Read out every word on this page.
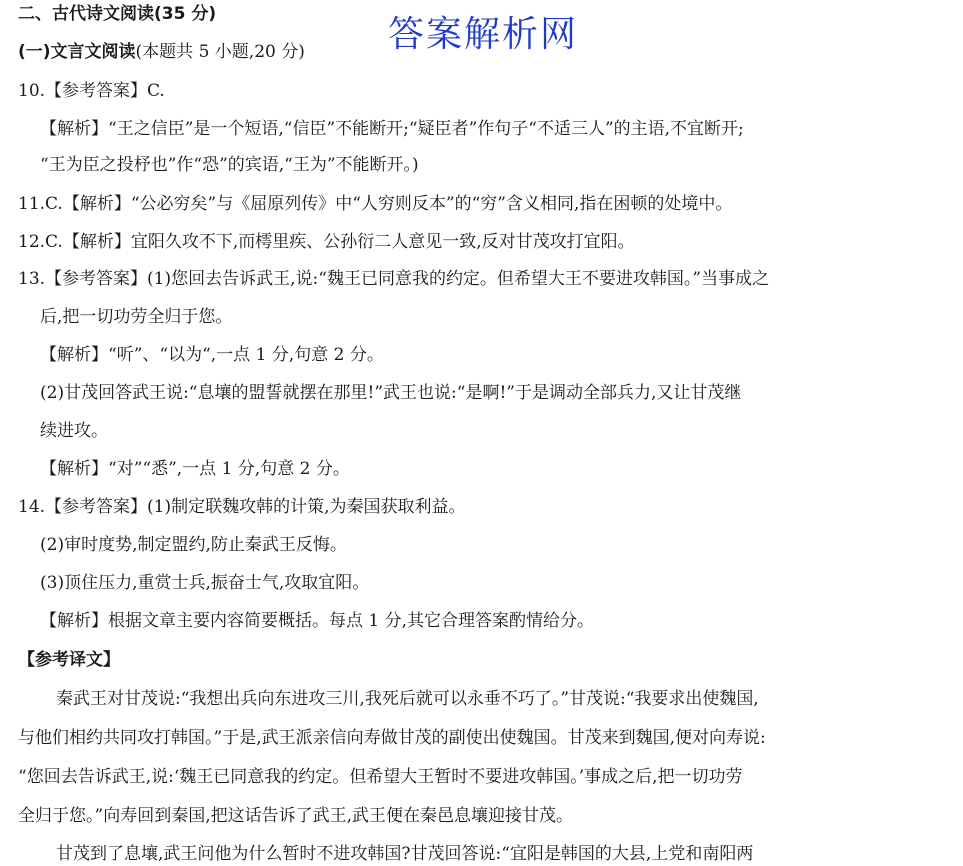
二、古代诗文阅读(35 分)	答案解析网
(一)文言文阅读(本题共 5 小题,20 分)
10.【参考答案】C.
【解析】“王之信臣”是一个短语,“信臣”不能断开;“疑臣者”作句子“不适三人”的主语,不宜断开;
“王为臣之投杼也”作“恐”的宾语,“王为”不能断开。)
11.C.【解析】“公必穷矣”与《屈原列传》中“人穷则反本”的“穷”含义相同,指在困顿的处境中。
12.C.【解析】宜阳久攻不下,而樗里疾、公孙衍二人意见一致,反对甘茂攻打宜阳。
13.【参考答案】(1)您回去告诉武王,说:“魏王已同意我的约定。但希望大王不要进攻韩国。”当事成之
后,把一切功劳全归于您。
【解析】“听”、“以为“,一点 1 分,句意 2 分。
(2)甘茂回答武王说:“息壤的盟誓就摆在那里!”武王也说:“是啊!”于是调动全部兵力,又让甘茂继
续进攻。
【解析】“对”“悉”,一点 1 分,句意 2 分。
14.【参考答案】(1)制定联魏攻韩的计策,为秦国获取利益。
(2)审时度势,制定盟约,防止秦武王反悔。
(3)顶住压力,重赏士兵,振奋士气,攻取宜阳。
【解析】根据文章主要内容简要概括。每点 1 分,其它合理答案酌情给分。
【参考译文】
秦武王对甘茂说:“我想出兵向东进攻三川,我死后就可以永垂不巧了。”甘茂说:“我要求出使魏国,
与他们相约共同攻打韩国。”于是,武王派亲信向寿做甘茂的副使出使魏国。甘茂来到魏国,便对向寿说:
“您回去告诉武王,说:‘魏王已同意我的约定。但希望大王暂时不要进攻韩国。’事成之后,把一切功劳
全归于您。”向寿回到秦国,把这话告诉了武王,武王便在秦邑息壤迎接甘茂。
甘茂到了息壤,武王问他为什么暂时不进攻韩国?甘茂回答说:“宜阳是韩国的大县,上党和南阳两
